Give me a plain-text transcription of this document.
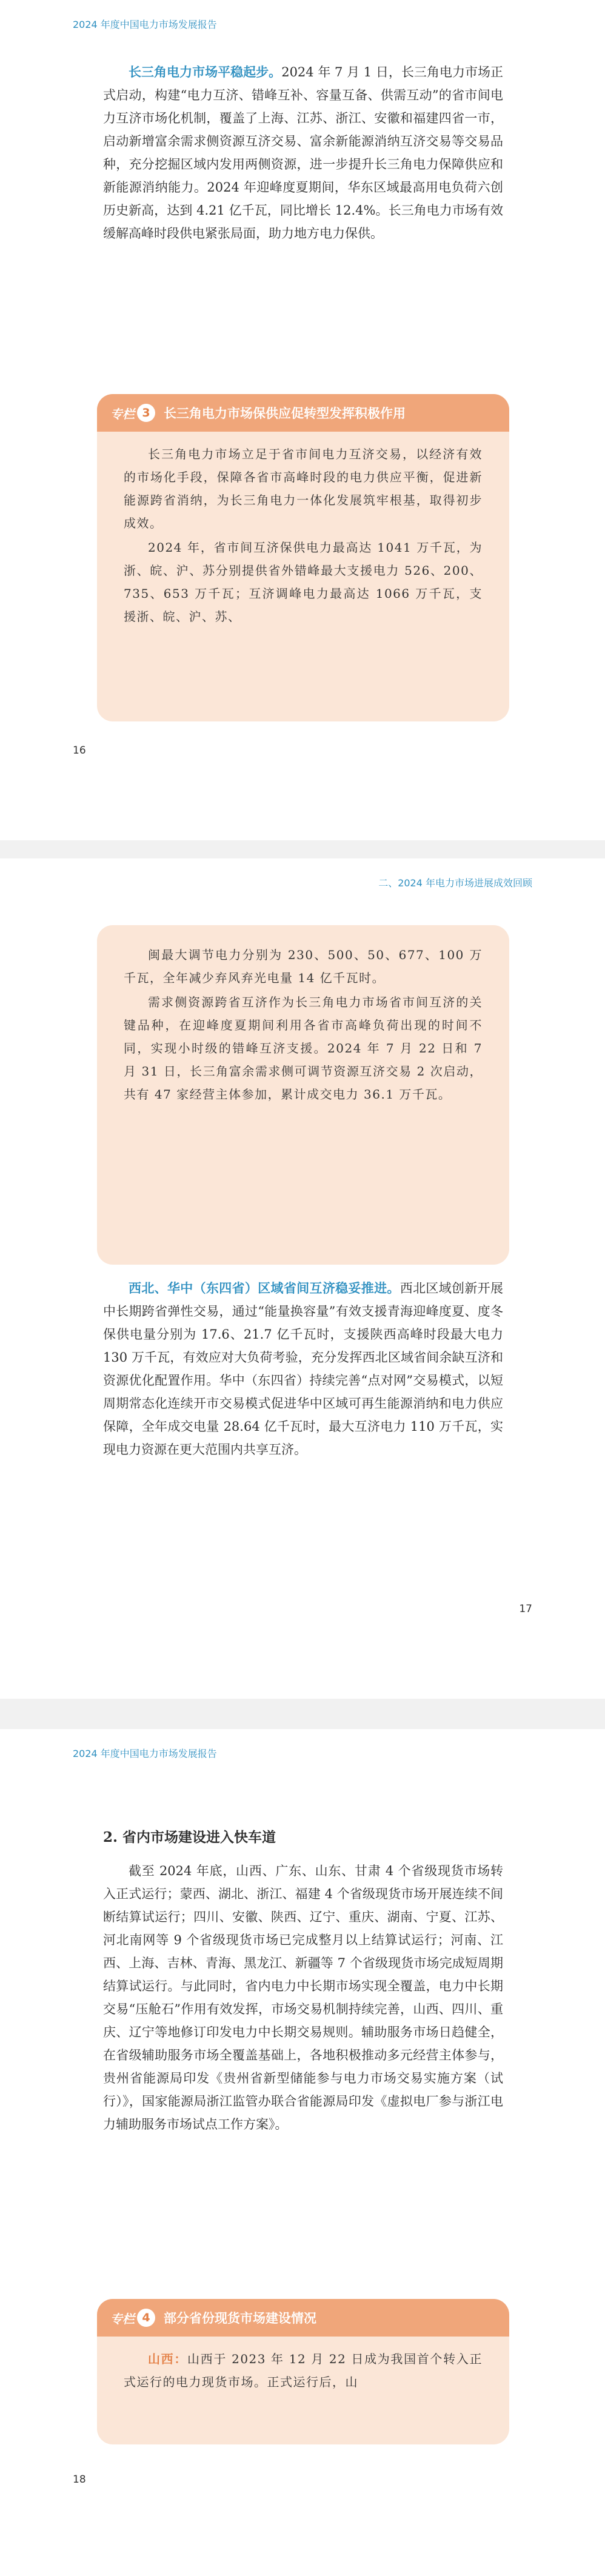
2024 年度中国电力市场发展报告

长三角电力市场平稳起步。2024 年 7 月 1 日，长三角电力市场正式启动，构建“电力互济、错峰互补、容量互备、供需互动”的省市间电力互济市场化机制，覆盖了上海、江苏、浙江、安徽和福建四省一市，启动新增富余需求侧资源互济交易、富余新能源消纳互济交易等交易品种，充分挖掘区域内发用两侧资源，进一步提升长三角电力保障供应和新能源消纳能力。2024 年迎峰度夏期间，华东区域最高用电负荷六创历史新高，达到 4.21 亿千瓦，同比增长 12.4%。长三角电力市场有效缓解高峰时段供电紧张局面，助力地方电力保供。

专栏 3	长三角电力市场保供应促转型发挥积极作用

长三角电力市场立足于省市间电力互济交易，以经济有效的市场化手段，保障各省市高峰时段的电力供应平衡，促进新能源跨省消纳，为长三角电力一体化发展筑牢根基，取得初步成效。

2024 年，省市间互济保供电力最高达 1041 万千瓦，为浙、皖、沪、苏分别提供省外错峰最大支援电力 526、200、735、653 万千瓦；互济调峰电力最高达 1066 万千瓦，支援浙、皖、沪、苏、

16
二、2024 年电力市场进展成效回顾

闽最大调节电力分别为 230、500、50、677、100 万千瓦，全年减少弃风弃光电量 14 亿千瓦时。

需求侧资源跨省互济作为长三角电力市场省市间互济的关键品种，在迎峰度夏期间利用各省市高峰负荷出现的时间不同，实现小时级的错峰互济支援。2024 年 7 月 22 日和 7 月 31 日，长三角富余需求侧可调节资源互济交易 2 次启动，共有 47 家经营主体参加，累计成交电力 36.1 万千瓦。

西北、华中（东四省）区域省间互济稳妥推进。西北区域创新开展中长期跨省弹性交易，通过“能量换容量”有效支援青海迎峰度夏、度冬保供电量分别为 17.6、21.7 亿千瓦时，支援陕西高峰时段最大电力 130 万千瓦，有效应对大负荷考验，充分发挥西北区域省间余缺互济和资源优化配置作用。华中（东四省）持续完善“点对网”交易模式，以短周期常态化连续开市交易模式促进华中区域可再生能源消纳和电力供应保障，全年成交电量 28.64 亿千瓦时，最大互济电力 110 万千瓦，实现电力资源在更大范围内共享互济。

17
2024 年度中国电力市场发展报告
2. 省内市场建设进入快车道

截至 2024 年底，山西、广东、山东、甘肃 4 个省级现货市场转入正式运行；蒙西、湖北、浙江、福建 4 个省级现货市场开展连续不间断结算试运行；四川、安徽、陕西、辽宁、重庆、湖南、宁夏、江苏、河北南网等 9 个省级现货市场已完成整月以上结算试运行；河南、江西、上海、吉林、青海、黑龙江、新疆等 7 个省级现货市场完成短周期结算试运行。与此同时，省内电力中长期市场实现全覆盖，电力中长期交易“压舱石”作用有效发挥，市场交易机制持续完善，山西、四川、重庆、辽宁等地修订印发电力中长期交易规则。辅助服务市场日趋健全，在省级辅助服务市场全覆盖基础上，各地积极推动多元经营主体参与，贵州省能源局印发《贵州省新型储能参与电力市场交易实施方案（试行）》，国家能源局浙江监管办联合省能源局印发《虚拟电厂参与浙江电力辅助服务市场试点工作方案》。

专栏 4	部分省份现货市场建设情况

山西：山西于 2023 年 12 月 22 日成为我国首个转入正式运行的电力现货市场。正式运行后，山

18
